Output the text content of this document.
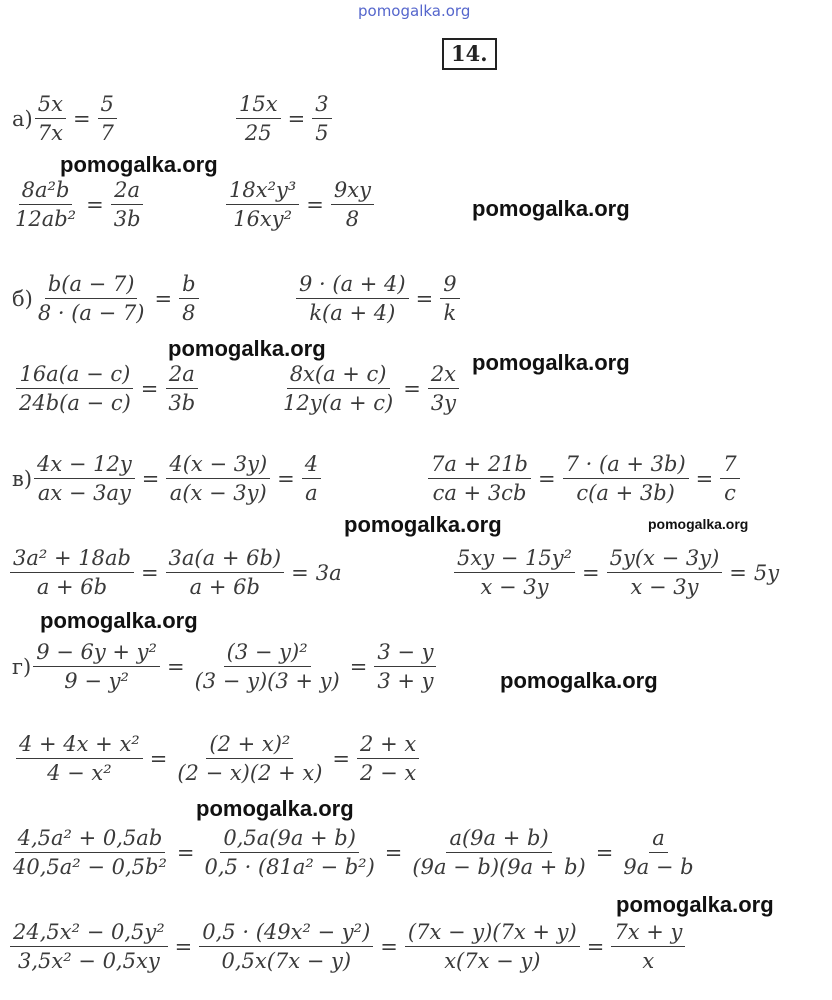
pomogalka.org
14.
$а) \frac{5x}{7x} = \frac{5}{7}$	$\frac{15x}{25} = \frac{3}{5}$
$\frac{\text{8a²b}}{\text{12ab²}} = \frac{2a}{3b}$	$\frac{\text{18x²y³}}{\text{16xy²}} = \frac{9xy}{8}$
$б) \frac{b(a - 7)}{8 \cdot (a - 7)} = \frac{b}{8}$	$\frac{9 \cdot (a + 4)}{k(a + 4)} = \frac{9}{k}$
$\frac{16a(a - c)}{24b(a - c)} = \frac{2a}{3b}$	$\frac{8x(a + c)}{12y(a + c)} = \frac{2x}{3y}$
$в) \frac{4x - 12y}{ax - 3ay} = \frac{4(x - 3y)}{a(x - 3y)} = \frac{4}{a}$	$\frac{7a + 21b}{ca + 3cb} = \frac{7 \cdot (a + 3b)}{c(a + 3b)} = \frac{7}{c}$
$\frac{\text{3a² + 18ab}}{a + 6b} = \frac{3a(a + 6b)}{a + 6b} = 3a$	$\frac{\text{5xy − 15y²}}{x - 3y} = \frac{5y(x - 3y)}{x - 3y} = 5y$
$г) \frac{\text{9 − 6y + y²}}{\text{9 − y²}} = \frac{\text{(3 − y)²}}{(3 - y)(3 + y)} = \frac{3 - y}{3 + y}$
$\frac{\text{4 + 4x + x²}}{\text{4 − x²}} = \frac{\text{(2 + x)²}}{(2 - x)(2 + x)} = \frac{2 + x}{2 - x}$
$\frac{\text{4,5a² + 0,5ab}}{\text{40,5a² − 0,5b²}} = \frac{0,5a(9a + b)}{\text{0,5 · (81a² − b²)}} = \frac{a(9a + b)}{(9a - b)(9a + b)} = \frac{a}{9a - b}$
$\frac{\text{24,5x² − 0,5y²}}{\text{3,5x² − 0,5xy}} = \frac{\text{0,5 · (49x² − y²)}}{0,5x(7x - y)} = \frac{(7x - y)(7x + y)}{x(7x - y)} = \frac{7x + y}{x}$
pomogalka.org
pomogalka.org
pomogalka.org
pomogalka.org
pomogalka.org	pomogalka.org
pomogalka.org
pomogalka.org
pomogalka.org
pomogalka.org
